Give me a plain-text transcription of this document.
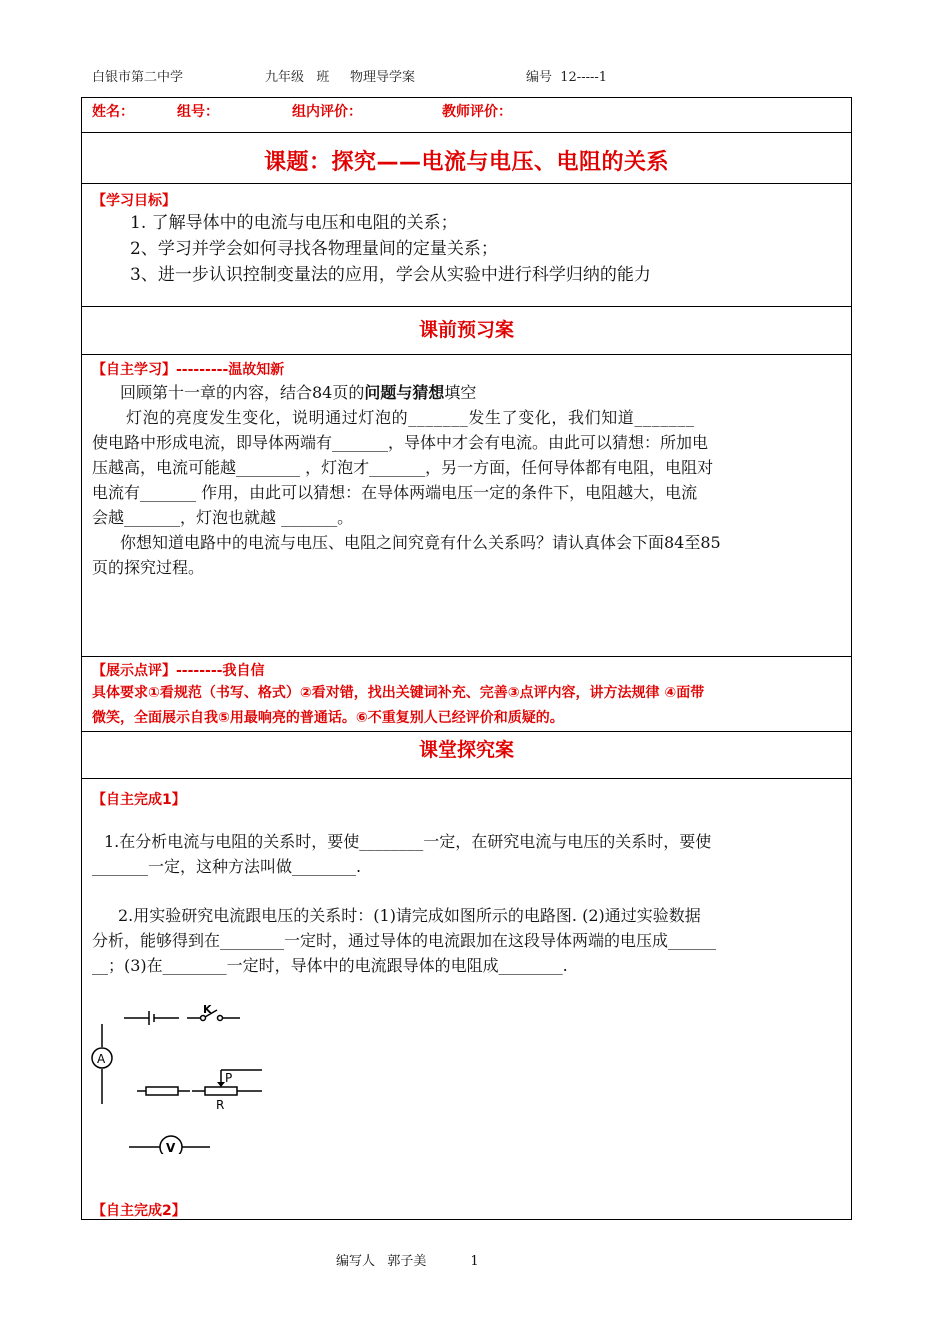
白银市第二中学	九年级   班     物理导学案	编号  12-----1
姓名：	组号：	组内评价：	教师评价：
课题：探究——电流与电压、电阻的关系
【学习目标】
1. 了解导体中的电流与电压和电阻的关系；
2、学习并学会如何寻找各物理量间的定量关系；
3、进一步认识控制变量法的应用，学会从实验中进行科学归纳的能力
课前预习案
【自主学习】---------温故知新
回顾第十一章的内容，结合84页的问题与猜想填空
灯泡的亮度发生变化，说明通过灯泡的_______发生了变化，我们知道_______
使电路中形成电流，即导体两端有_______，导体中才会有电流。由此可以猜想：所加电
压越高，电流可能越________ ，灯泡才_______，另一方面，任何导体都有电阻，电阻对
电流有_______ 作用，由此可以猜想：在导体两端电压一定的条件下，电阻越大，电流
会越_______，灯泡也就越 _______。
你想知道电路中的电流与电压、电阻之间究竟有什么关系吗？请认真体会下面84至85
页的探究过程。
【展示点评】--------我自信
具体要求①看规范（书写、格式）②看对错，找出关键词补充、完善③点评内容，讲方法规律 ④面带
微笑，全面展示自我⑤用最响亮的普通话。⑥不重复别人已经评价和质疑的。
课堂探究案
【自主完成1】
1.在分析电流与电阻的关系时，要使________一定，在研究电流与电压的关系时，要使
_______一定，这种方法叫做________.
2.用实验研究电流跟电压的关系时：(1)请完成如图所示的电路图. (2)通过实验数据
分析，能够得到在________一定时，通过导体的电流跟加在这段导体两端的电压成______
__；(3)在________一定时，导体中的电流跟导体的电阻成________.
K
P
R
A
V
【自主完成2】
编写人   郭子美	1
